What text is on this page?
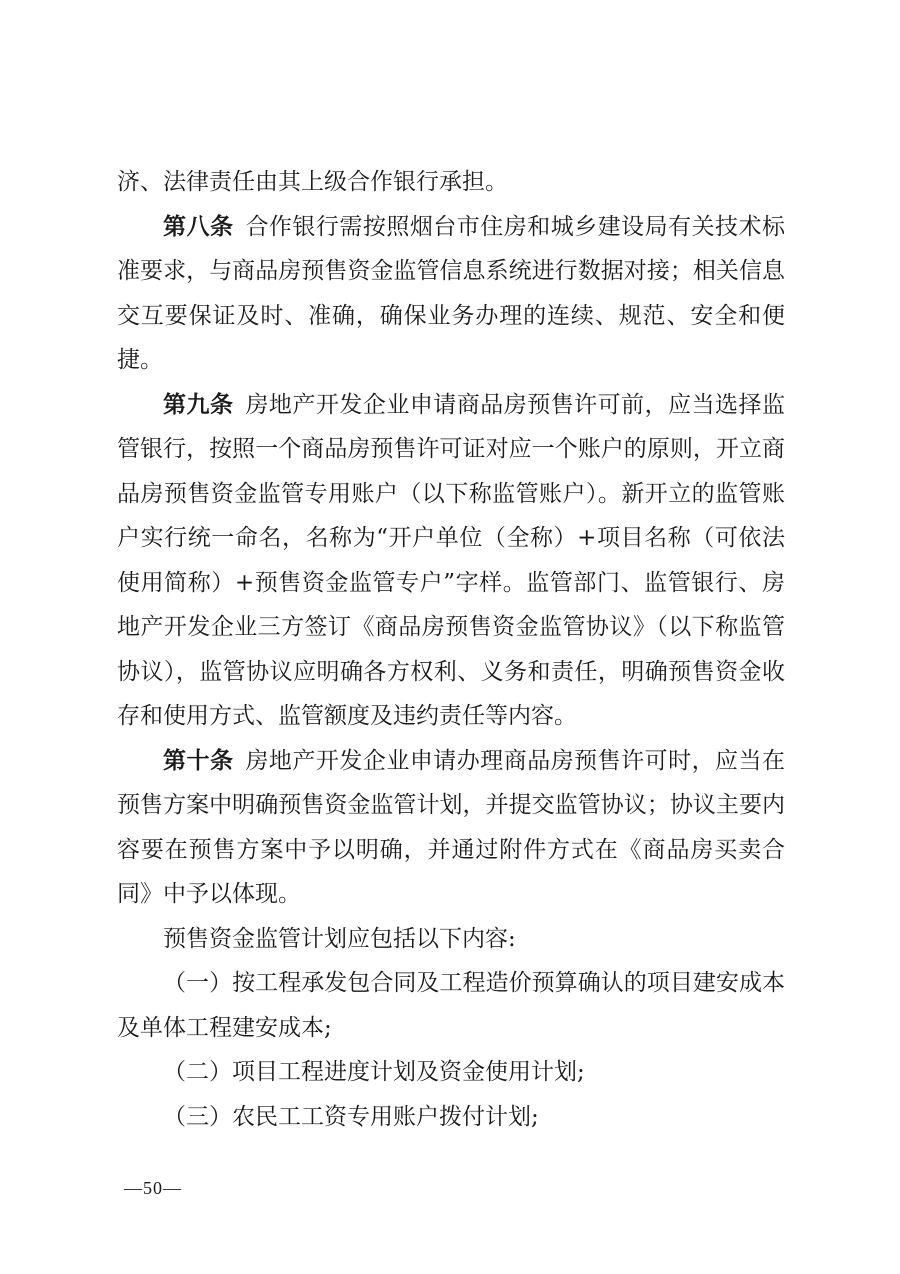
济、法律责任由其上级合作银行承担。

第八条 合作银行需按照烟台市住房和城乡建设局有关技术标准要求，与商品房预售资金监管信息系统进行数据对接；相关信息交互要保证及时、准确，确保业务办理的连续、规范、安全和便捷。

第九条 房地产开发企业申请商品房预售许可前，应当选择监管银行，按照一个商品房预售许可证对应一个账户的原则，开立商品房预售资金监管专用账户（以下称监管账户）。新开立的监管账户实行统一命名，名称为“开户单位（全称）+项目名称（可依法使用简称）+预售资金监管专户”字样。监管部门、监管银行、房地产开发企业三方签订《商品房预售资金监管协议》（以下称监管协议），监管协议应明确各方权利、义务和责任，明确预售资金收存和使用方式、监管额度及违约责任等内容。

第十条 房地产开发企业申请办理商品房预售许可时，应当在预售方案中明确预售资金监管计划，并提交监管协议；协议主要内容要在预售方案中予以明确，并通过附件方式在《商品房买卖合同》中予以体现。

预售资金监管计划应包括以下内容:

（一）按工程承发包合同及工程造价预算确认的项目建安成本及单体工程建安成本;

（二）项目工程进度计划及资金使用计划;

（三）农民工工资专用账户拨付计划;

—50—
